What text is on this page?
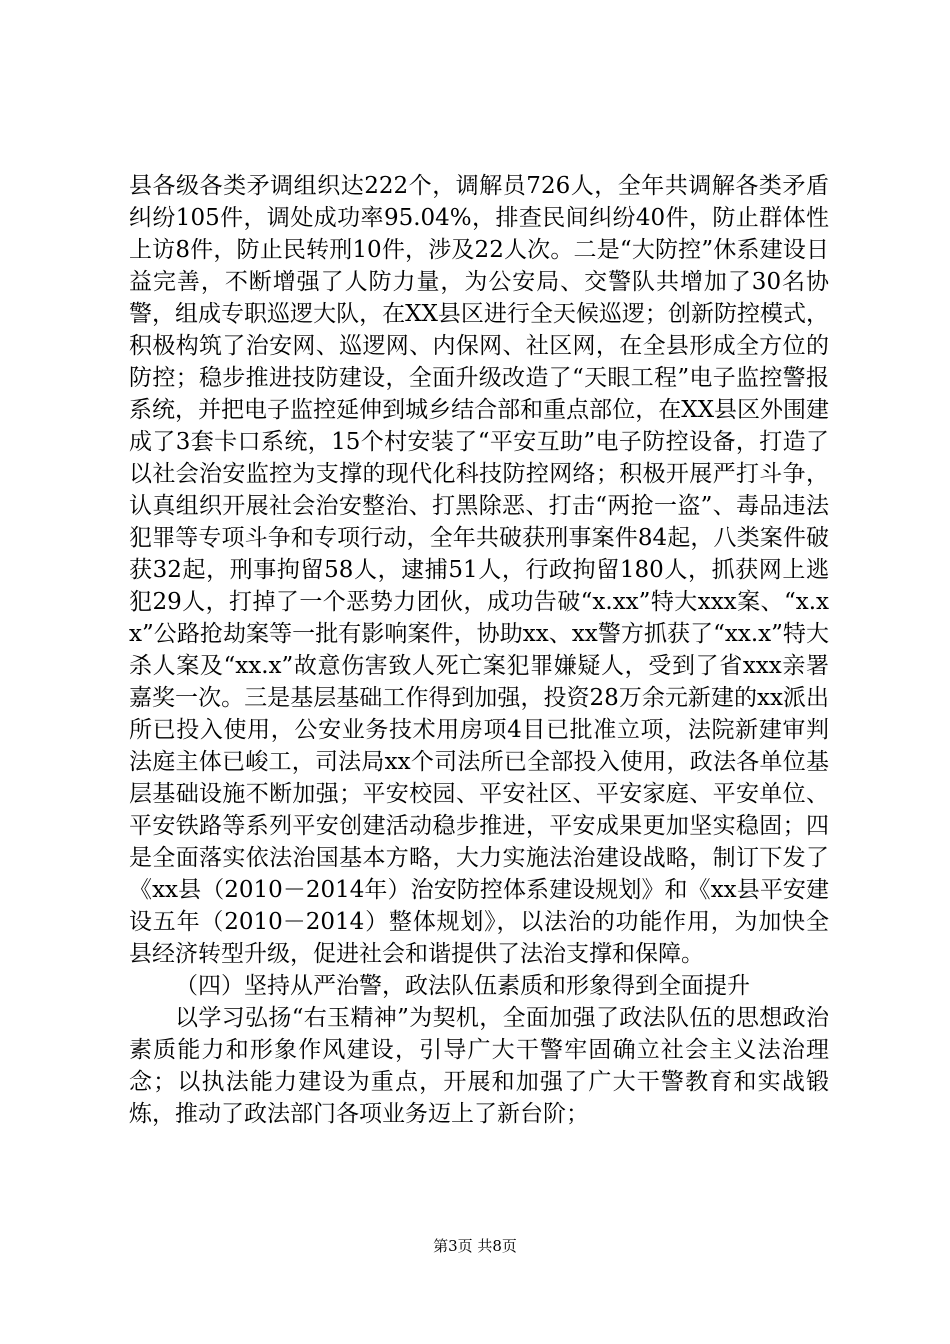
县各级各类矛调组织达222个，调解员726人，全年共调解各类矛盾纠纷105件，调处成功率95.04%，排查民间纠纷40件，防止群体性上访8件，防止民转刑10件，涉及22人次。二是“大防控”休系建设日益完善，不断增强了人防力量，为公安局、交警队共增加了30名协警，组成专职巡逻大队，在XX县区进行全天候巡逻；创新防控模式，积极构筑了治安网、巡逻网、内保网、社区网，在全县形成全方位的防控；稳步推进技防建设，全面升级改造了“天眼工程”电子监控警报系统，并把电子监控延伸到城乡结合部和重点部位，在XX县区外围建成了3套卡口系统，15个村安装了“平安互助”电子防控设备，打造了以社会治安监控为支撑的现代化科技防控网络；积极开展严打斗争，认真组织开展社会治安整治、打黑除恶、打击“两抢一盗”、毒品违法犯罪等专项斗争和专项行动，全年共破获刑事案件84起，八类案件破获32起，刑事拘留58人，逮捕51人，行政拘留180人，抓获网上逃犯29人，打掉了一个恶势力团伙，成功告破“x.xx”特大xxx案、“x.xx”公路抢劫案等一批有影响案件，协助xx、xx警方抓获了“xx.x”特大杀人案及“xx.x”故意伤害致人死亡案犯罪嫌疑人，受到了省xxx亲署嘉奖一次。三是基层基础工作得到加强，投资28万余元新建的xx派出所已投入使用，公安业务技术用房项4目已批准立项，法院新建审判法庭主体已峻工，司法局xx个司法所已全部投入使用，政法各单位基层基础设施不断加强；平安校园、平安社区、平安家庭、平安单位、平安铁路等系列平安创建活动稳步推进，平安成果更加坚实稳固；四是全面落实依法治国基本方略，大力实施法治建设战略，制订下发了《xx县（2010－2014年）治安防控体系建设规划》和《xx县平安建设五年（2010－2014）整体规划》，以法治的功能作用，为加快全县经济转型升级，促进社会和谐提供了法治支撑和保障。

（四）坚持从严治警，政法队伍素质和形象得到全面提升

以学习弘扬“右玉精神”为契机，全面加强了政法队伍的思想政治素质能力和形象作风建设，引导广大干警牢固确立社会主义法治理念；以执法能力建设为重点，开展和加强了广大干警教育和实战锻炼，推动了政法部门各项业务迈上了新台阶；

第3页 共8页
